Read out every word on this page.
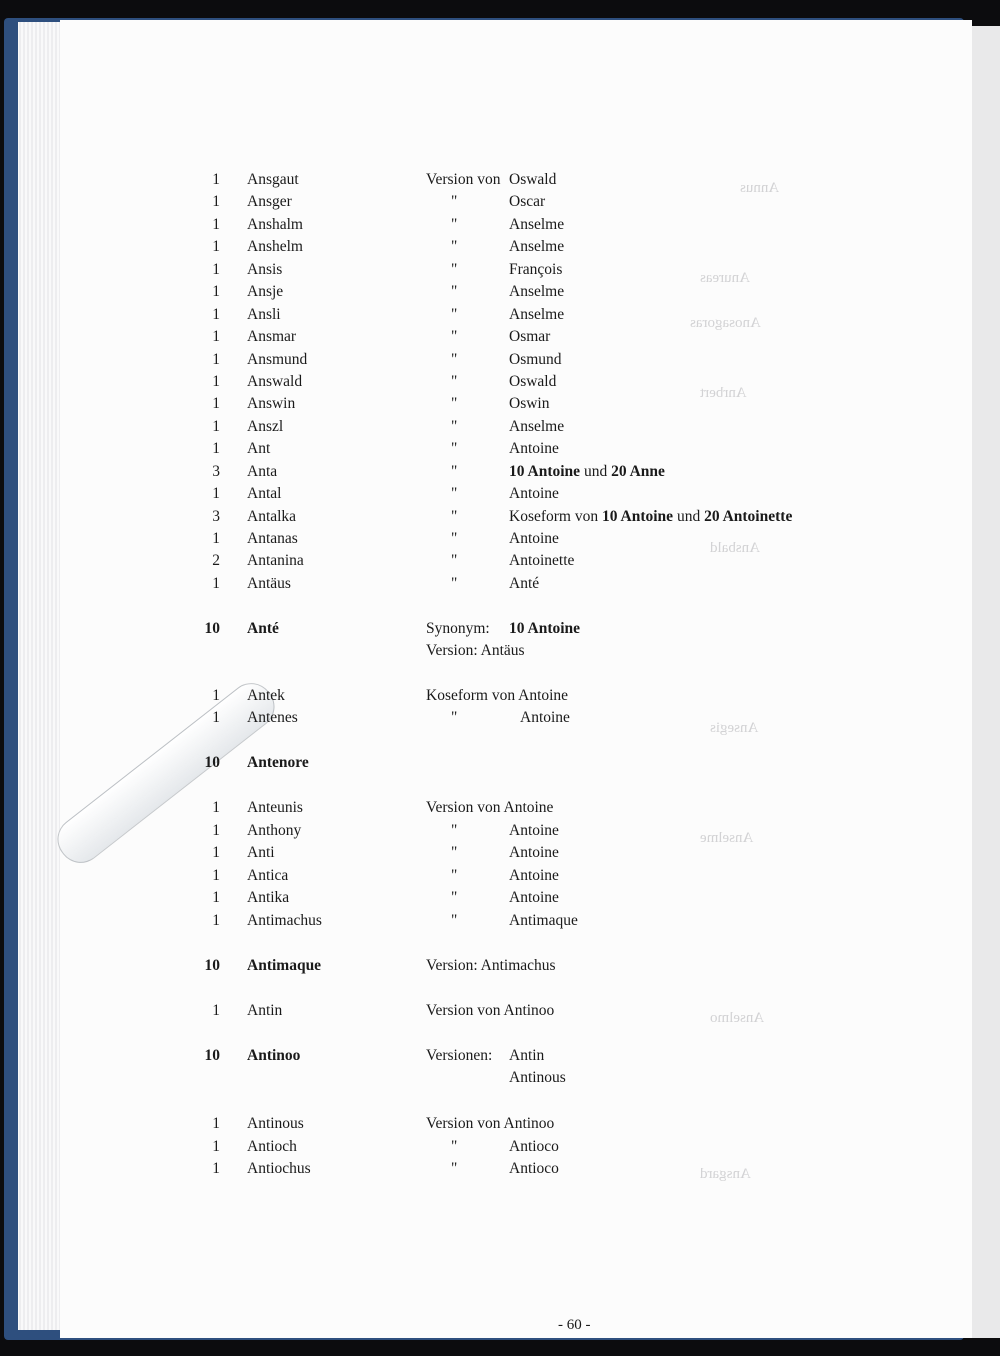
Annus
Anureas
Anosagoras
Anrbert
Ansbald
Ansegis
Anselme
Anselmo
Ansgard
1 Ansgaut	Version von Oswald
1 Ansger	"	Oscar
1 Anshalm	"	Anselme
1 Anshelm	"	Anselme
1 Ansis	"	François
1 Ansje	"	Anselme
1 Ansli	"	Anselme
1 Ansmar	"	Osmar
1 Ansmund	"	Osmund
1 Answald	"	Oswald
1 Answin	"	Oswin
1 Anszl	"	Anselme
1 Ant	"	Antoine
3 Anta	"	10 Antoine und 20 Anne
1 Antal	"	Antoine
3 Antalka	"	Koseform von 10 Antoine und 20 Antoinette
1 Antanas	"	Antoine
2 Antanina	"	Antoinette
1 Antäus	"	Anté
10 Anté	Synonym: 10 Antoine
Version: Antäus
1 Antek	Koseform von Antoine
1 Antenes	"	Antoine
10 Antenore
1 Anteunis	Version von Antoine
1 Anthony	"	Antoine
1 Anti	"	Antoine
1 Antica	"	Antoine
1 Antika	"	Antoine
1 Antimachus	"	Antimaque
10 Antimaque	Version: Antimachus
1 Antin	Version von Antinoo
10 Antinoo	Versionen: Antin
Antinous
1 Antinous	Version von Antinoo
1 Antioch	"	Antioco
1 Antiochus	"	Antioco
- 60 -
